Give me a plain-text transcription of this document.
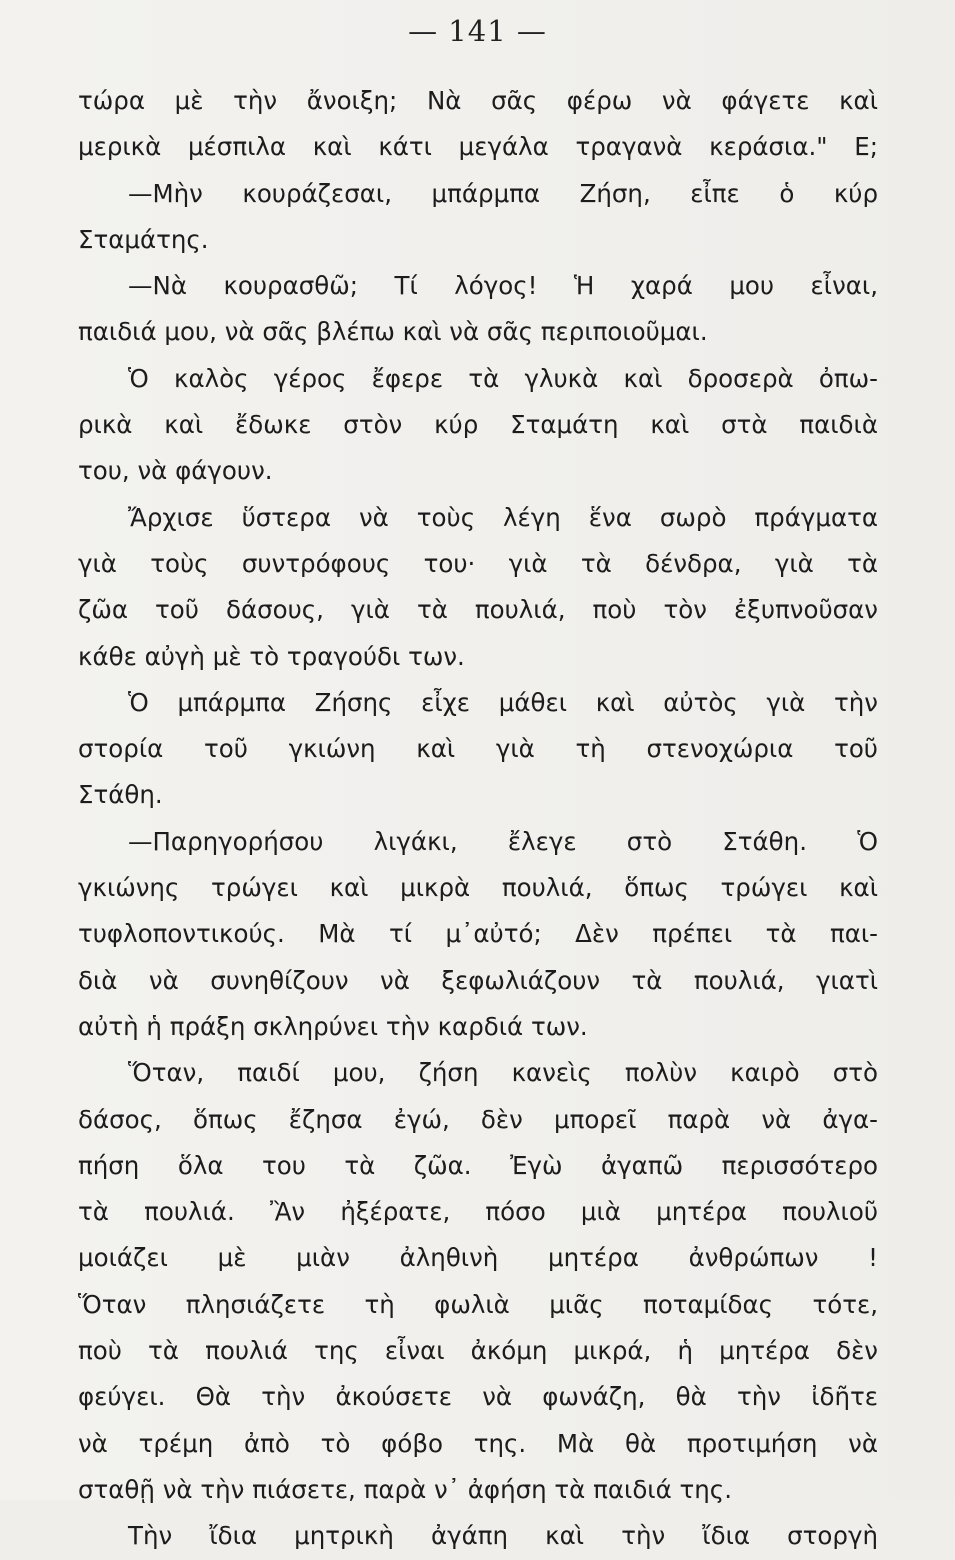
— 141 —
τώρα μὲ τὴν ἄνοιξη; Νὰ σᾶς φέρω νὰ φάγετε καὶ
μερικὰ μέσπιλα καὶ κάτι μεγάλα τραγανὰ κεράσια." Ε;
—Μὴν κουράζεσαι, μπάρμπα Ζήση, εἶπε ὁ κύρ
Σταμάτης.
—Νὰ κουρασθῶ; Τί λόγος! Ἡ χαρά μου εἶναι,
παιδιά μου, νὰ σᾶς βλέπω καὶ νὰ σᾶς περιποιοῦμαι.
Ὁ καλὸς γέρος ἔφερε τὰ γλυκὰ καὶ δροσερὰ ὀπω-
ρικὰ καὶ ἔδωκε στὸν κύρ Σταμάτη καὶ στὰ παιδιὰ
του, νὰ φάγουν.
Ἄρχισε ὕστερα νὰ τοὺς λέγη ἕνα σωρὸ πράγματα
γιὰ τοὺς συντρόφους του· γιὰ τὰ δένδρα, γιὰ τὰ
ζῶα τοῦ δάσους, γιὰ τὰ πουλιά, ποὺ τὸν ἐξυπνοῦσαν
κάθε αὐγὴ μὲ τὸ τραγούδι των.
Ὁ μπάρμπα Ζήσης εἶχε μάθει καὶ αὐτὸς γιὰ τὴν
στορία τοῦ γκιώνη καὶ γιὰ τὴ στενοχώρια τοῦ
Στάθη.
—Παρηγορήσου λιγάκι, ἔλεγε στὸ Στάθη. Ὁ
γκιώνης τρώγει καὶ μικρὰ πουλιά, ὅπως τρώγει καὶ
τυφλοποντικούς. Μὰ τί μ᾽αὐτό; Δὲν πρέπει τὰ παι-
διὰ νὰ συνηθίζουν νὰ ξεφωλιάζουν τὰ πουλιά, γιατὶ
αὐτὴ ἡ πράξη σκληρύνει τὴν καρδιά των.
Ὅταν, παιδί μου, ζήση κανεὶς πολὺν καιρὸ στὸ
δάσος, ὅπως ἔζησα ἐγώ, δὲν μπορεῖ παρὰ νὰ ἀγα-
πήση ὅλα του τὰ ζῶα. Ἐγὼ ἀγαπῶ περισσότερο
τὰ πουλιά. Ἂν ἠξέρατε, πόσο μιὰ μητέρα πουλιοῦ
μοιάζει μὲ μιὰν ἀληθινὴ μητέρα ἀνθρώπων !
Ὅταν πλησιάζετε τὴ φωλιὰ μιᾶς ποταμίδας τότε,
ποὺ τὰ πουλιά της εἶναι ἀκόμη μικρά, ἡ μητέρα δὲν
φεύγει. Θὰ τὴν ἀκούσετε νὰ φωνάζη, θὰ τὴν ἰδῆτε
νὰ τρέμη ἀπὸ τὸ φόβο της. Μὰ θὰ προτιμήση νὰ
σταθῇ νὰ τὴν πιάσετε, παρὰ ν᾽ ἀφήση τὰ παιδιά της.
Τὴν ἴδια μητρικὴ ἀγάπη καὶ τὴν ἴδια στοργὴ
